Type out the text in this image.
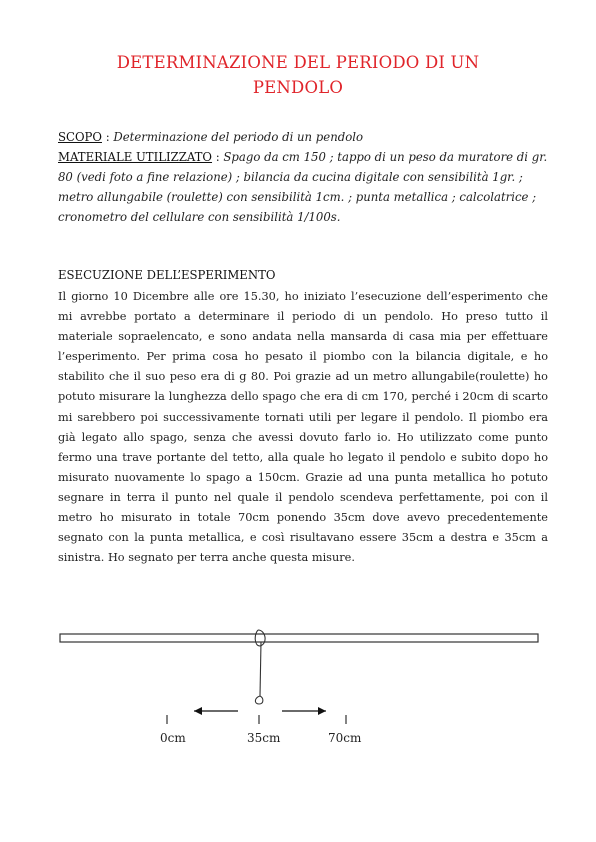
DETERMINAZIONE DEL PERIODO DI UN
PENDOLO
SCOPO : Determinazione del periodo di un pendolo
MATERIALE UTILIZZATO : Spago da cm 150 ; tappo di un peso da muratore di gr. 80 (vedi foto a fine relazione) ; bilancia da cucina digitale con sensibilità 1gr. ; metro allungabile (roulette) con sensibilità 1cm. ; punta metallica ; calcolatrice ; cronometro del cellulare con sensibilità 1/100s.
ESECUZIONE DELL’ESPERIMENTO
Il giorno 10 Dicembre alle ore 15.30, ho iniziato l’esecuzione dell’esperimento che mi avrebbe portato a determinare il periodo di un pendolo. Ho preso tutto il materiale sopraelencato, e sono andata nella mansarda di casa mia per effettuare l’esperimento. Per prima cosa ho pesato il piombo con la bilancia digitale, e ho stabilito che il suo peso era di g 80. Poi grazie ad un metro allungabile(roulette) ho potuto misurare la lunghezza dello spago che era di cm 170, perché i 20cm di scarto mi sarebbero poi successivamente tornati utili per legare il pendolo. Il piombo era già legato allo spago, senza che avessi dovuto farlo io. Ho utilizzato come punto fermo una trave portante del tetto, alla quale ho legato il pendolo e subito dopo ho misurato nuovamente lo spago a 150cm. Grazie ad una punta metallica ho potuto segnare in terra il punto nel quale il pendolo scendeva perfettamente, poi con il metro ho misurato in totale 70cm ponendo 35cm dove avevo precedentemente segnato con la punta metallica, e così risultavano essere 35cm a destra e 35cm a sinistra. Ho segnato per terra anche questa misure.
0cm	35cm	70cm
